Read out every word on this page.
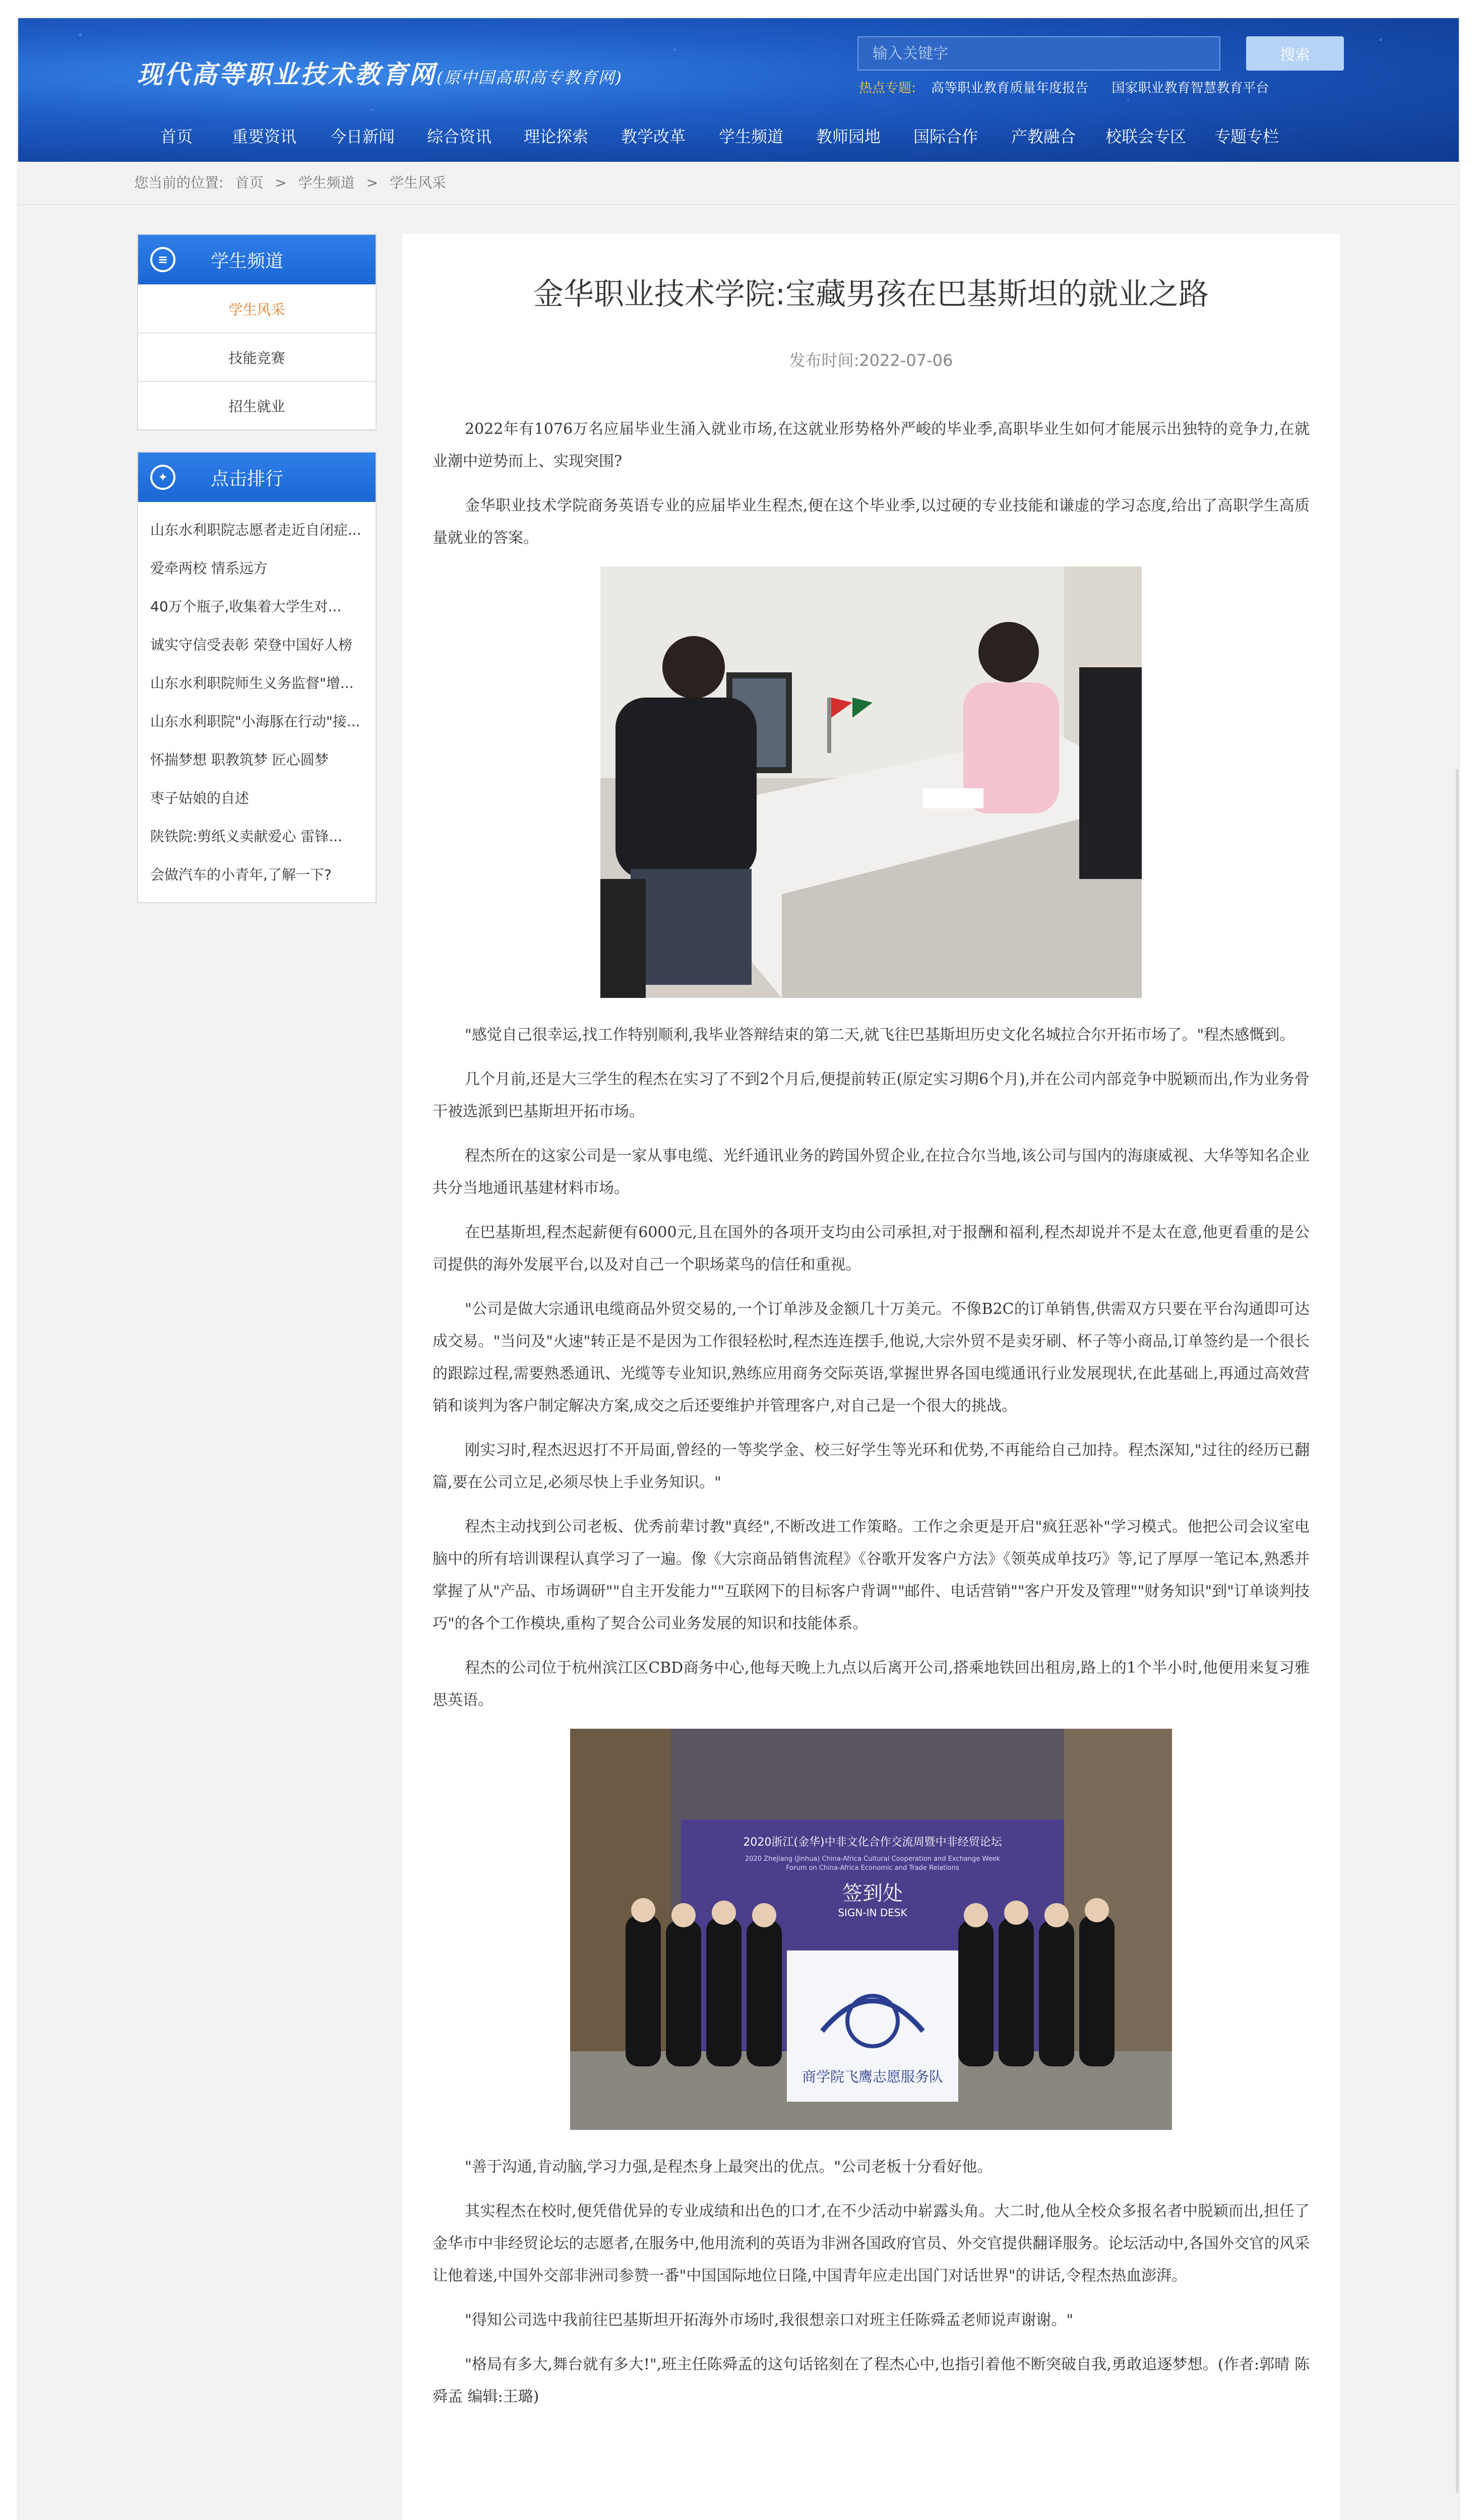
现代高等职业技术教育网(原中国高职高专教育网)
输入关键字
搜索
热点专题: 高等职业教育质量年度报告 国家职业教育智慧教育平台
首页	重要资讯	今日新闻	综合资讯	理论探索	教学改革	学生频道	教师园地	国际合作	产教融合	校联会专区	专题专栏
您当前的位置: 首页 > 学生频道 > 学生风采
≡	学生频道
学生风采
技能竞赛
招生就业
✦	点击排行
山东水利职院志愿者走近自闭症...
爱牵两校 情系远方
40万个瓶子,收集着大学生对...
诚实守信受表彰 荣登中国好人榜
山东水利职院师生义务监督"增...
山东水利职院"小海豚在行动"接...
怀揣梦想 职教筑梦 匠心圆梦
枣子姑娘的自述
陕铁院:剪纸义卖献爱心 雷锋...
会做汽车的小青年,了解一下?
金华职业技术学院:宝藏男孩在巴基斯坦的就业之路
发布时间:2022-07-06

2022年有1076万名应届毕业生涌入就业市场,在这就业形势格外严峻的毕业季,高职毕业生如何才能展示出独特的竞争力,在就业潮中逆势而上、实现突围?

金华职业技术学院商务英语专业的应届毕业生程杰,便在这个毕业季,以过硬的专业技能和谦虚的学习态度,给出了高职学生高质量就业的答案。

"感觉自己很幸运,找工作特别顺利,我毕业答辩结束的第二天,就飞往巴基斯坦历史文化名城拉合尔开拓市场了。"程杰感慨到。

几个月前,还是大三学生的程杰在实习了不到2个月后,便提前转正(原定实习期6个月),并在公司内部竞争中脱颖而出,作为业务骨干被选派到巴基斯坦开拓市场。

程杰所在的这家公司是一家从事电缆、光纤通讯业务的跨国外贸企业,在拉合尔当地,该公司与国内的海康威视、大华等知名企业共分当地通讯基建材料市场。

在巴基斯坦,程杰起薪便有6000元,且在国外的各项开支均由公司承担,对于报酬和福利,程杰却说并不是太在意,他更看重的是公司提供的海外发展平台,以及对自己一个职场菜鸟的信任和重视。

"公司是做大宗通讯电缆商品外贸交易的,一个订单涉及金额几十万美元。不像B2C的订单销售,供需双方只要在平台沟通即可达成交易。"当问及"火速"转正是不是因为工作很轻松时,程杰连连摆手,他说,大宗外贸不是卖牙刷、杯子等小商品,订单签约是一个很长的跟踪过程,需要熟悉通讯、光缆等专业知识,熟练应用商务交际英语,掌握世界各国电缆通讯行业发展现状,在此基础上,再通过高效营销和谈判为客户制定解决方案,成交之后还要维护并管理客户,对自己是一个很大的挑战。

刚实习时,程杰迟迟打不开局面,曾经的一等奖学金、校三好学生等光环和优势,不再能给自己加持。程杰深知,"过往的经历已翻篇,要在公司立足,必须尽快上手业务知识。"

程杰主动找到公司老板、优秀前辈讨教"真经",不断改进工作策略。工作之余更是开启"疯狂恶补"学习模式。他把公司会议室电脑中的所有培训课程认真学习了一遍。像《大宗商品销售流程》《谷歌开发客户方法》《领英成单技巧》等,记了厚厚一笔记本,熟悉并掌握了从"产品、市场调研""自主开发能力""互联网下的目标客户背调""邮件、电话营销""客户开发及管理""财务知识"到"订单谈判技巧"的各个工作模块,重构了契合公司业务发展的知识和技能体系。

程杰的公司位于杭州滨江区CBD商务中心,他每天晚上九点以后离开公司,搭乘地铁回出租房,路上的1个半小时,他便用来复习雅思英语。

2020浙江(金华)中非文化合作交流周暨中非经贸论坛
2020 Zhejiang (Jinhua) China-Africa Cultural Cooperation and Exchange Week
Forum on China-Africa Economic and Trade Relations
签到处
SIGN-IN DESK
商学院飞鹰志愿服务队

"善于沟通,肯动脑,学习力强,是程杰身上最突出的优点。"公司老板十分看好他。

其实程杰在校时,便凭借优异的专业成绩和出色的口才,在不少活动中崭露头角。大二时,他从全校众多报名者中脱颖而出,担任了金华市中非经贸论坛的志愿者,在服务中,他用流利的英语为非洲各国政府官员、外交官提供翻译服务。论坛活动中,各国外交官的风采让他着迷,中国外交部非洲司参赞一番"中国国际地位日隆,中国青年应走出国门对话世界"的讲话,令程杰热血澎湃。

"得知公司选中我前往巴基斯坦开拓海外市场时,我很想亲口对班主任陈舜孟老师说声谢谢。"

"格局有多大,舞台就有多大!",班主任陈舜孟的这句话铭刻在了程杰心中,也指引着他不断突破自我,勇敢追逐梦想。(作者:郭晴 陈舜孟 编辑:王璐)
